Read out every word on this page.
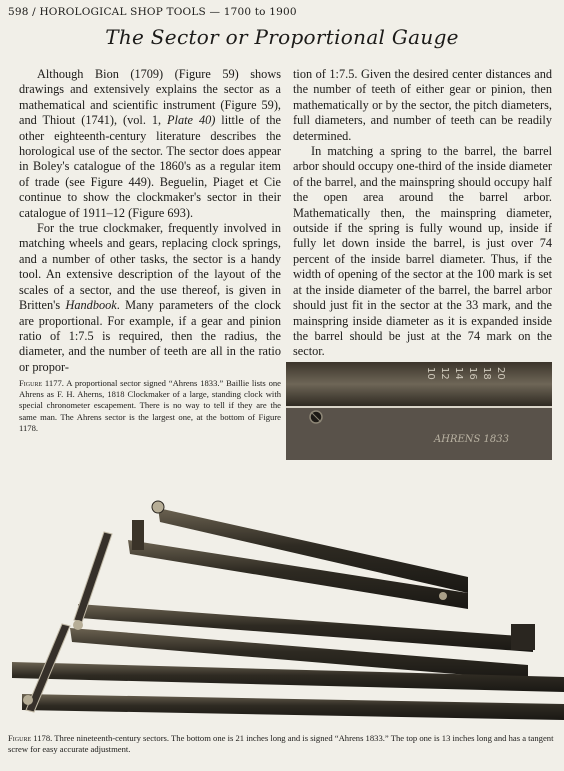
598 / HOROLOGICAL SHOP TOOLS — 1700 to 1900
The Sector or Proportional Gauge

Although Bion (1709) (Figure 59) shows drawings and extensively explains the sector as a mathematical and scientific instrument (Figure 59), and Thiout (1741), (vol. 1, Plate 40) little of the other eighteenth-century literature describes the horological use of the sector. The sector does appear in Boley's catalogue of the 1860's as a regular item of trade (see Figure 449). Beguelin, Piaget et Cie continue to show the clockmaker's sector in their catalogue of 1911–12 (Figure 693).

For the true clockmaker, frequently involved in matching wheels and gears, replacing clock springs, and a number of other tasks, the sector is a handy tool. An extensive description of the layout of the scales of a sector, and the use thereof, is given in Britten's Handbook. Many parameters of the clock are proportional. For example, if a gear and pinion ratio of 1:7.5 is required, then the radius, the diameter, and the number of teeth are all in the ratio or propor-

tion of 1:7.5. Given the desired center distances and the number of teeth of either gear or pinion, then mathematically or by the sector, the pitch diameters, full diameters, and number of teeth can be readily determined.

In matching a spring to the barrel, the barrel arbor should occupy one-third of the inside diameter of the barrel, and the mainspring should occupy half the open area around the barrel arbor. Mathematically then, the mainspring diameter, outside if the spring is fully wound up, inside if fully let down inside the barrel, is just over 74 percent of the inside barrel diameter. Thus, if the width of opening of the sector at the 100 mark is set at the inside diameter of the barrel, the barrel arbor should just fit in the sector at the 33 mark, and the mainspring inside diameter as it is expanded inside the barrel should be just at the 74 mark on the sector.

Figure 1177. A proportional sector signed “Ahrens 1833.” Baillie lists one Ahrens as F. H. Aherns, 1818 Clockmaker of a large, standing clock with special chronometer escapement. There is no way to tell if they are the same man. The Ahrens sector is the largest one, at the bottom of Figure 1178.
20
18
16
14
12
10
AHRENS 1833
Figure 1178. Three nineteenth-century sectors. The bottom one is 21 inches long and is signed “Ahrens 1833.” The top one is 13 inches long and has a tangent screw for easy accurate adjustment.
